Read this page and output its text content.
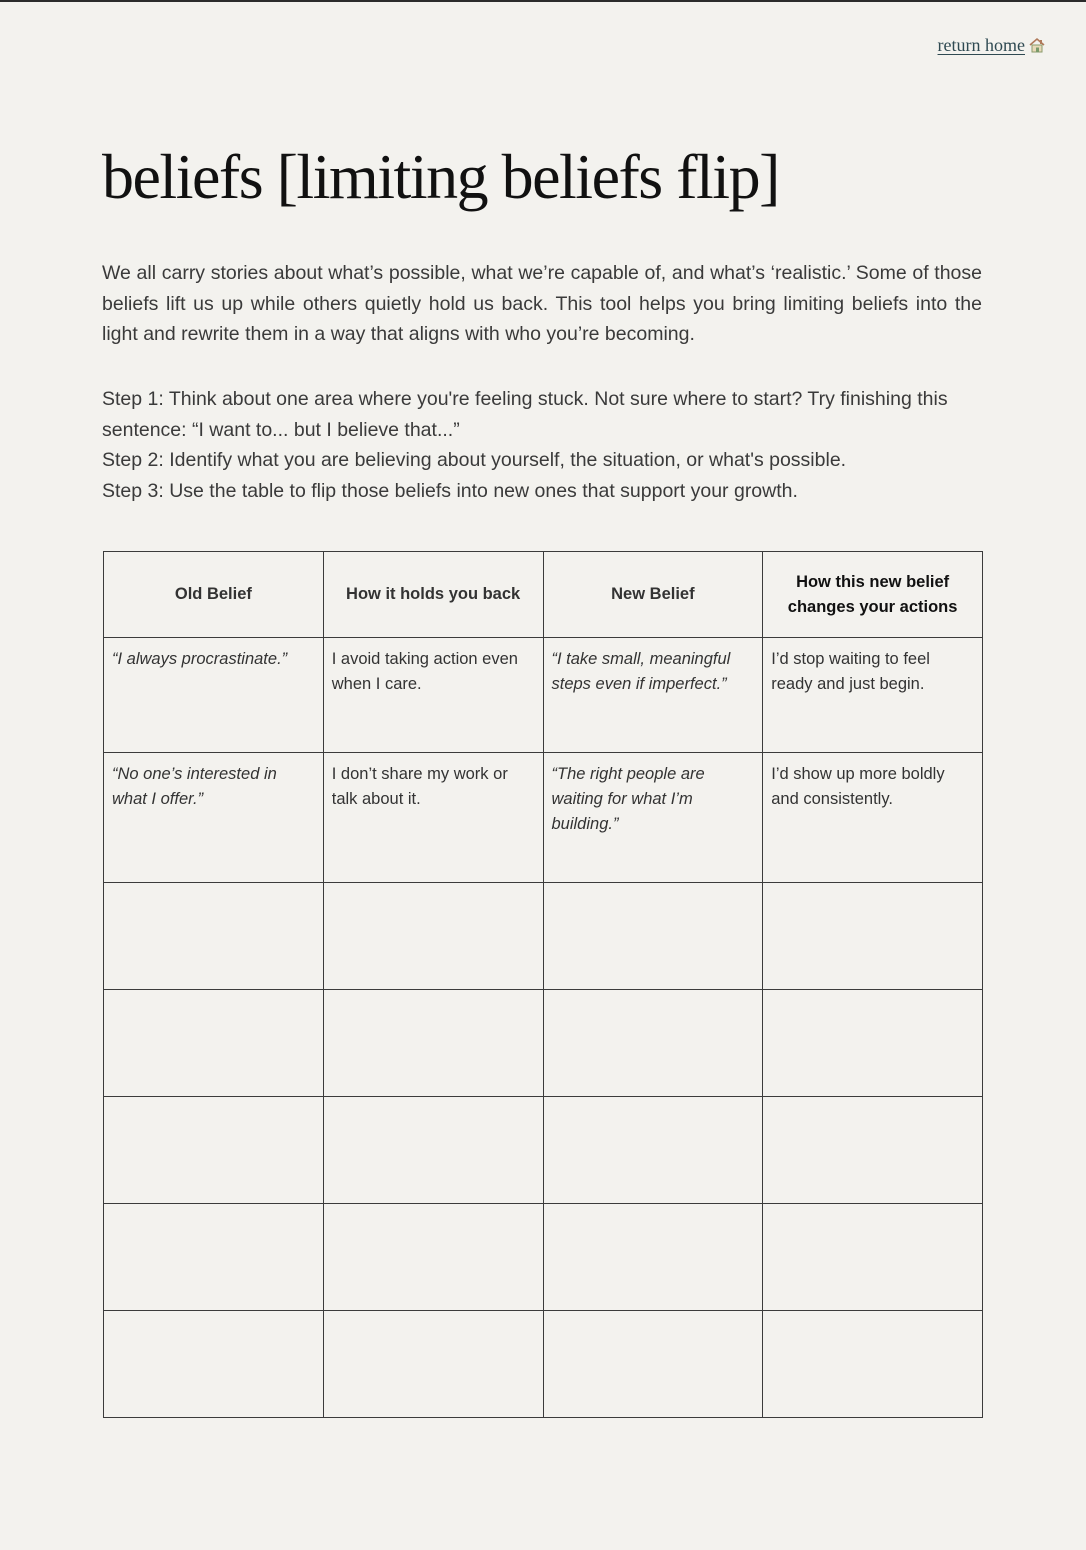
return home
beliefs [limiting beliefs flip]

We all carry stories about what’s possible, what we’re capable of, and what’s ‘realistic.’ Some of those beliefs lift us up while others quietly hold us back. This tool helps you bring limiting beliefs into the light and rewrite them in a way that aligns with who you’re becoming.

Step 1: Think about one area where you're feeling stuck. Not sure where to start? Try finishing this sentence: “I want to... but I believe that...”
Step 2: Identify what you are believing about yourself, the situation, or what's possible.
Step 3: Use the table to flip those beliefs into new ones that support your growth.

Old Belief	How it holds you back	New Belief	How this new belief changes your actions
“I always procrastinate.”	I avoid taking action even when I care.	“I take small, meaningful steps even if imperfect.”	I’d stop waiting to feel ready and just begin.
“No one’s interested in what I offer.”	I don’t share my work or talk about it.	“The right people are waiting for what I’m building.”	I’d show up more boldly and consistently.
